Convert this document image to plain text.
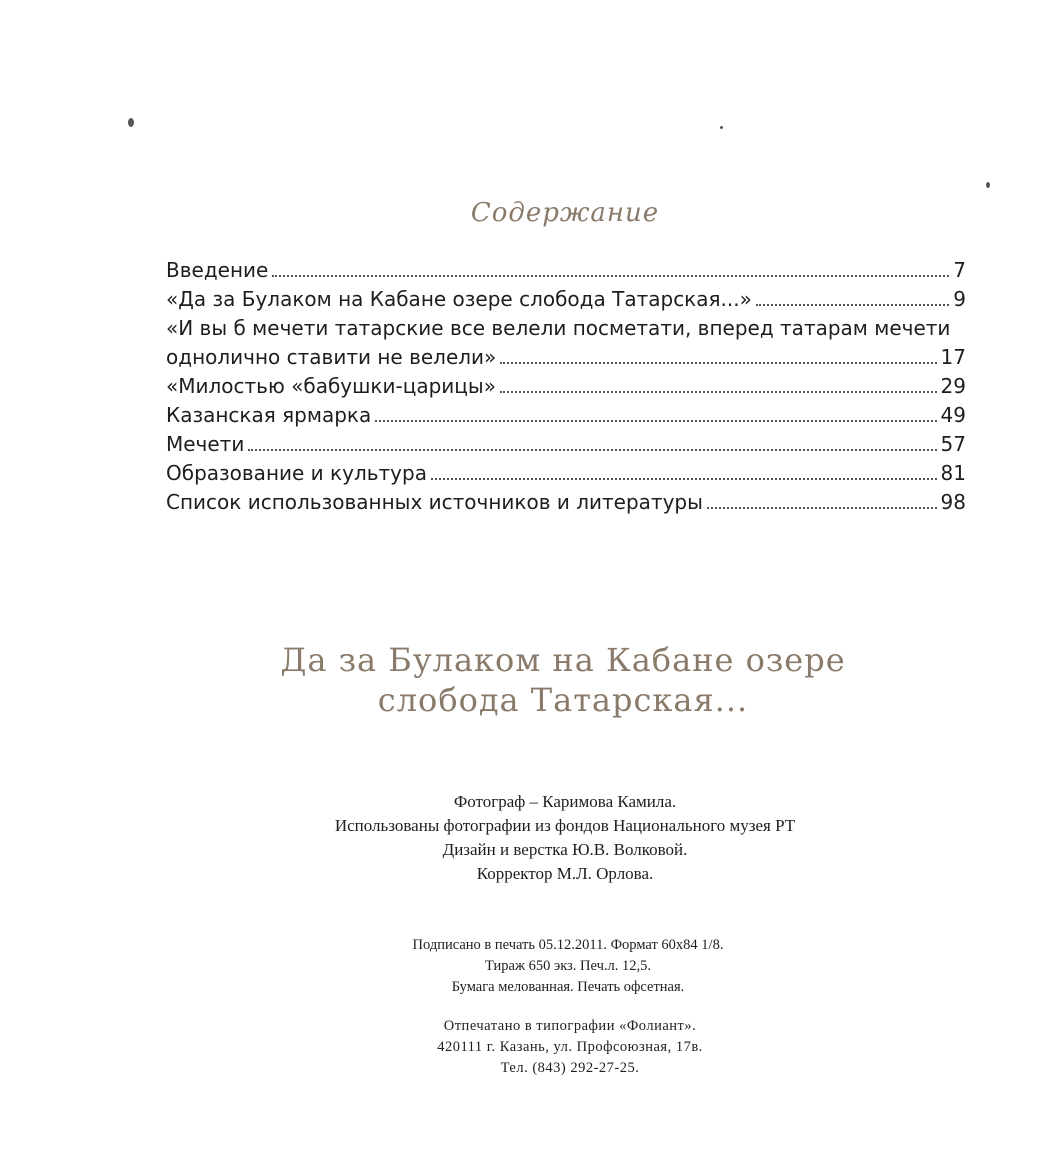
Содержание
Введение	7
«Да за Булаком на Кабане озере слобода Татарская...»	9
«И вы б мечети татарские все велели посметати, вперед татарам мечети
однолично ставити не велели»	17
«Милостью «бабушки-царицы»	29
Казанская ярмарка	49
Мечети	57
Образование и культура	81
Список использованных источников и литературы	98
Да за Булаком на Кабане озере
слобода Татарская...
Фотограф – Каримова Камила.
Использованы фотографии из фондов Национального музея РТ
Дизайн и верстка Ю.В. Волковой.
Корректор М.Л. Орлова.
Подписано в печать 05.12.2011. Формат 60х84 1/8.
Тираж 650 экз. Печ.л. 12,5.
Бумага мелованная. Печать офсетная.
Отпечатано в типографии «Фолиант».
420111 г. Казань, ул. Профсоюзная, 17в.
Тел. (843) 292-27-25.
